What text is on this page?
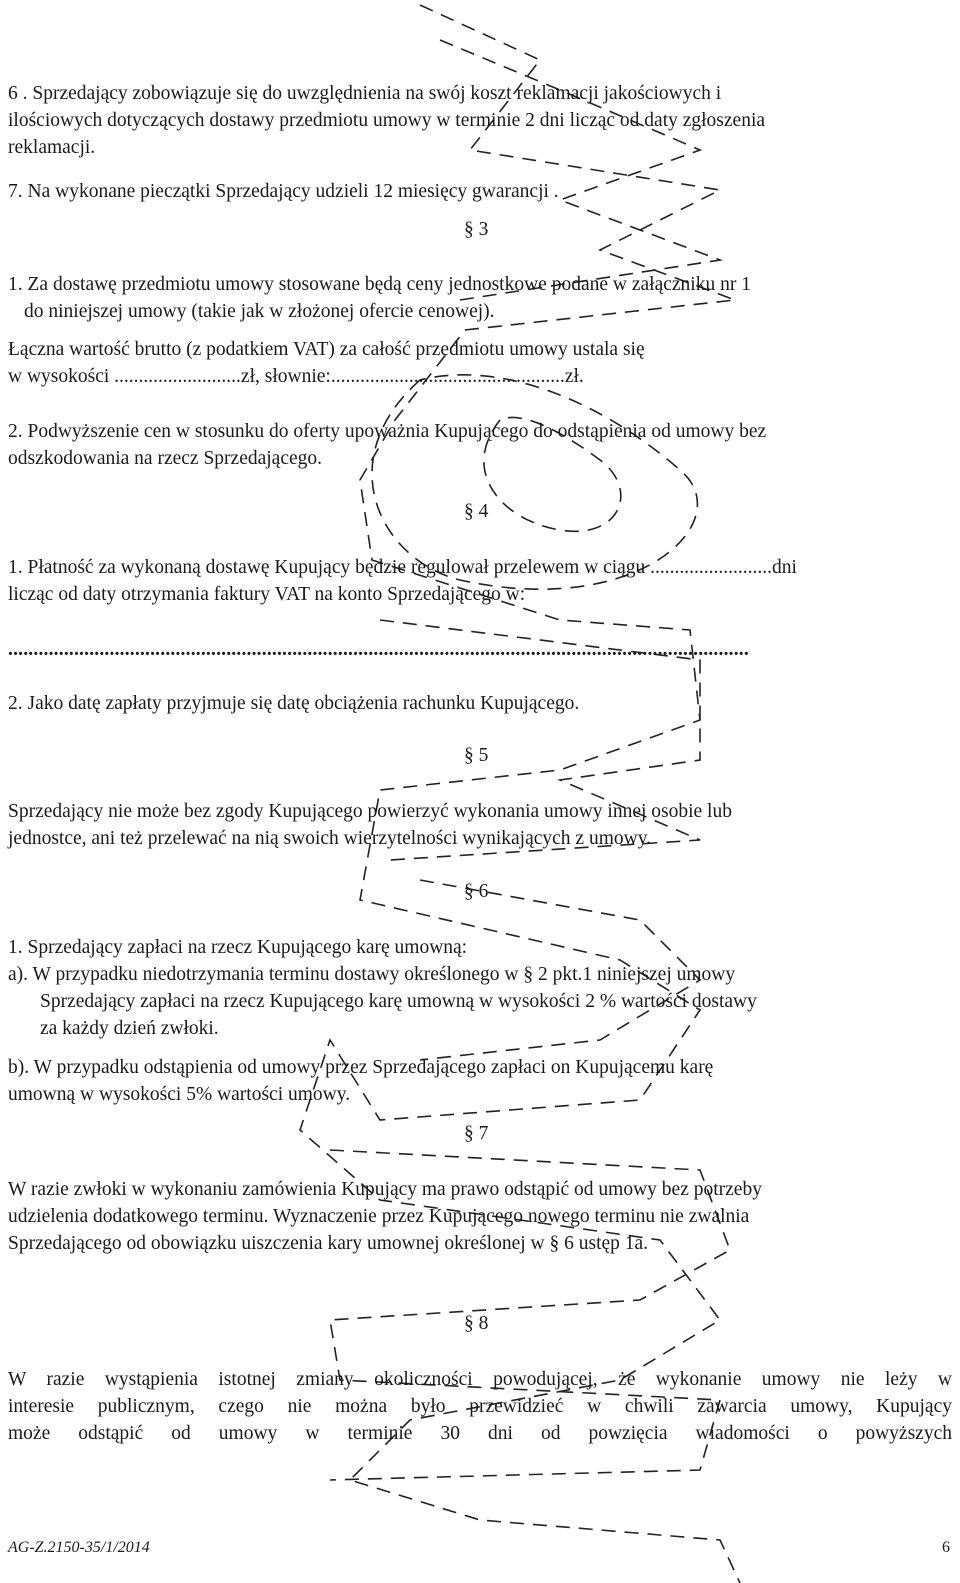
6 . Sprzedający zobowiązuje się do uwzględnienia na swój koszt reklamacji jakościowych i
ilościowych dotyczących dostawy przedmiotu umowy w terminie 2 dni licząc od daty zgłoszenia
reklamacji.
7. Na wykonane pieczątki Sprzedający udzieli 12 miesięcy gwarancji .
§ 3
1. Za dostawę przedmiotu umowy stosowane będą ceny jednostkowe podane w załączniku nr 1
do niniejszej umowy (takie jak w złożonej ofercie cenowej).
Łączna wartość brutto (z podatkiem VAT) za całość przedmiotu umowy ustala się
w wysokości ..........................zł, słownie:................................................zł.
2. Podwyższenie cen w stosunku do oferty upoważnia Kupującego do odstąpienia od umowy bez
odszkodowania na rzecz Sprzedającego.
§ 4
1. Płatność za wykonaną dostawę Kupujący będzie regulował przelewem w ciągu .........................dni
licząc od daty otrzymania faktury VAT na konto Sprzedającego w:
..................................................................................................................................................
2. Jako datę zapłaty przyjmuje się datę obciążenia rachunku Kupującego.
§ 5
Sprzedający nie może bez zgody Kupującego powierzyć wykonania umowy innej osobie lub
jednostce, ani też przelewać na nią swoich wierzytelności wynikających z umowy.
§ 6
1. Sprzedający zapłaci na rzecz Kupującego karę umowną:
a). W przypadku niedotrzymania terminu dostawy określonego w § 2 pkt.1 niniejszej umowy
Sprzedający zapłaci na rzecz Kupującego karę umowną w wysokości 2 % wartości dostawy
za każdy dzień zwłoki.
b). W przypadku odstąpienia od umowy przez Sprzedającego zapłaci on Kupującemu karę
umowną w wysokości 5% wartości umowy.
§ 7
W razie zwłoki w wykonaniu zamówienia Kupujący ma prawo odstąpić od umowy bez potrzeby
udzielenia dodatkowego terminu. Wyznaczenie przez Kupującego nowego terminu nie zwalnia
Sprzedającego od obowiązku uiszczenia kary umownej określonej w § 6 ustęp 1a.
§ 8
W razie wystąpienia istotnej zmiany okoliczności powodującej, że wykonanie umowy nie leży w
interesie publicznym, czego nie można było przewidzieć w chwili zawarcia umowy, Kupujący
może odstąpić od umowy w terminie 30 dni od powzięcia wiadomości o powyższych
AG-Z.2150-35/1/2014	6
